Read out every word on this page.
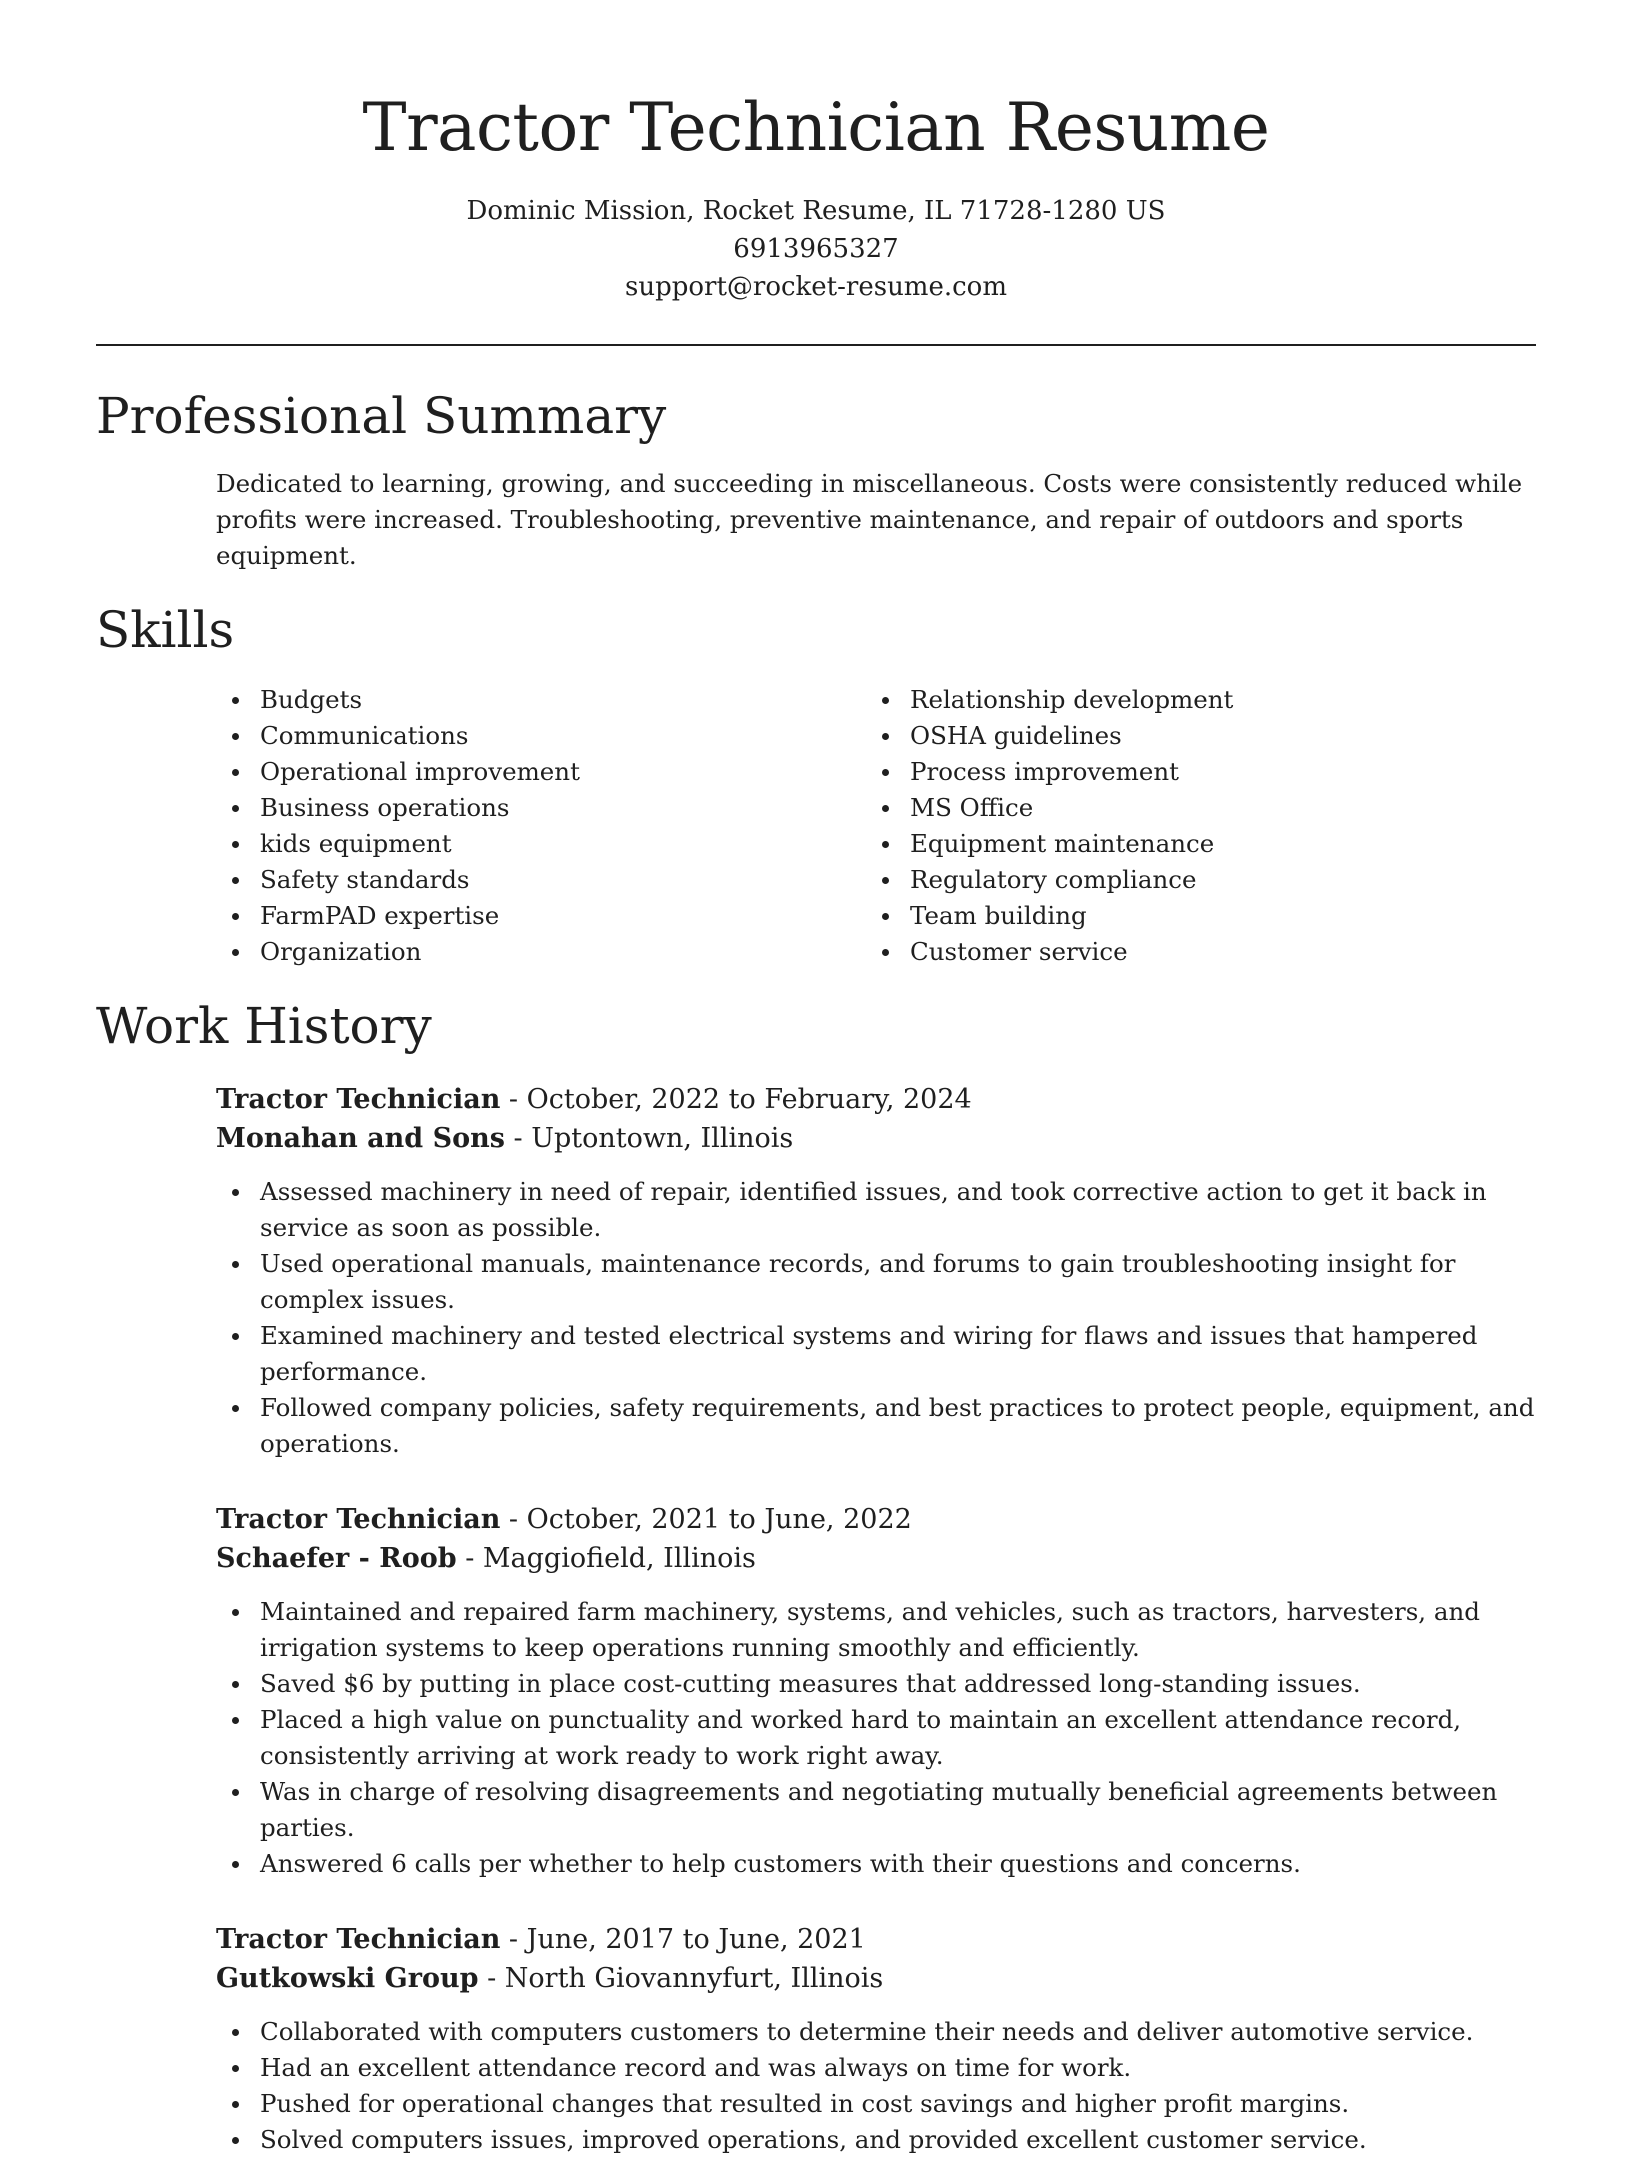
Tractor Technician Resume
Dominic Mission, Rocket Resume, IL 71728-1280 US
6913965327
support@rocket-resume.com
Professional Summary
Dedicated to learning, growing, and succeeding in miscellaneous. Costs were consistently reduced while profits were increased. Troubleshooting, preventive maintenance, and repair of outdoors and sports equipment.
Skills
Budgets
Communications
Operational improvement
Business operations
kids equipment
Safety standards
FarmPAD expertise
Organization
Relationship development
OSHA guidelines
Process improvement
MS Office
Equipment maintenance
Regulatory compliance
Team building
Customer service
Work History
Tractor Technician - October, 2022 to February, 2024
Monahan and Sons - Uptontown, Illinois
Assessed machinery in need of repair, identified issues, and took corrective action to get it back in service as soon as possible.
Used operational manuals, maintenance records, and forums to gain troubleshooting insight for complex issues.
Examined machinery and tested electrical systems and wiring for flaws and issues that hampered performance.
Followed company policies, safety requirements, and best practices to protect people, equipment, and operations.
Tractor Technician - October, 2021 to June, 2022
Schaefer - Roob - Maggiofield, Illinois
Maintained and repaired farm machinery, systems, and vehicles, such as tractors, harvesters, and irrigation systems to keep operations running smoothly and efficiently.
Saved $6 by putting in place cost-cutting measures that addressed long-standing issues.
Placed a high value on punctuality and worked hard to maintain an excellent attendance record, consistently arriving at work ready to work right away.
Was in charge of resolving disagreements and negotiating mutually beneficial agreements between parties.
Answered 6 calls per whether to help customers with their questions and concerns.
Tractor Technician - June, 2017 to June, 2021
Gutkowski Group - North Giovannyfurt, Illinois
Collaborated with computers customers to determine their needs and deliver automotive service.
Had an excellent attendance record and was always on time for work.
Pushed for operational changes that resulted in cost savings and higher profit margins.
Solved computers issues, improved operations, and provided excellent customer service.
